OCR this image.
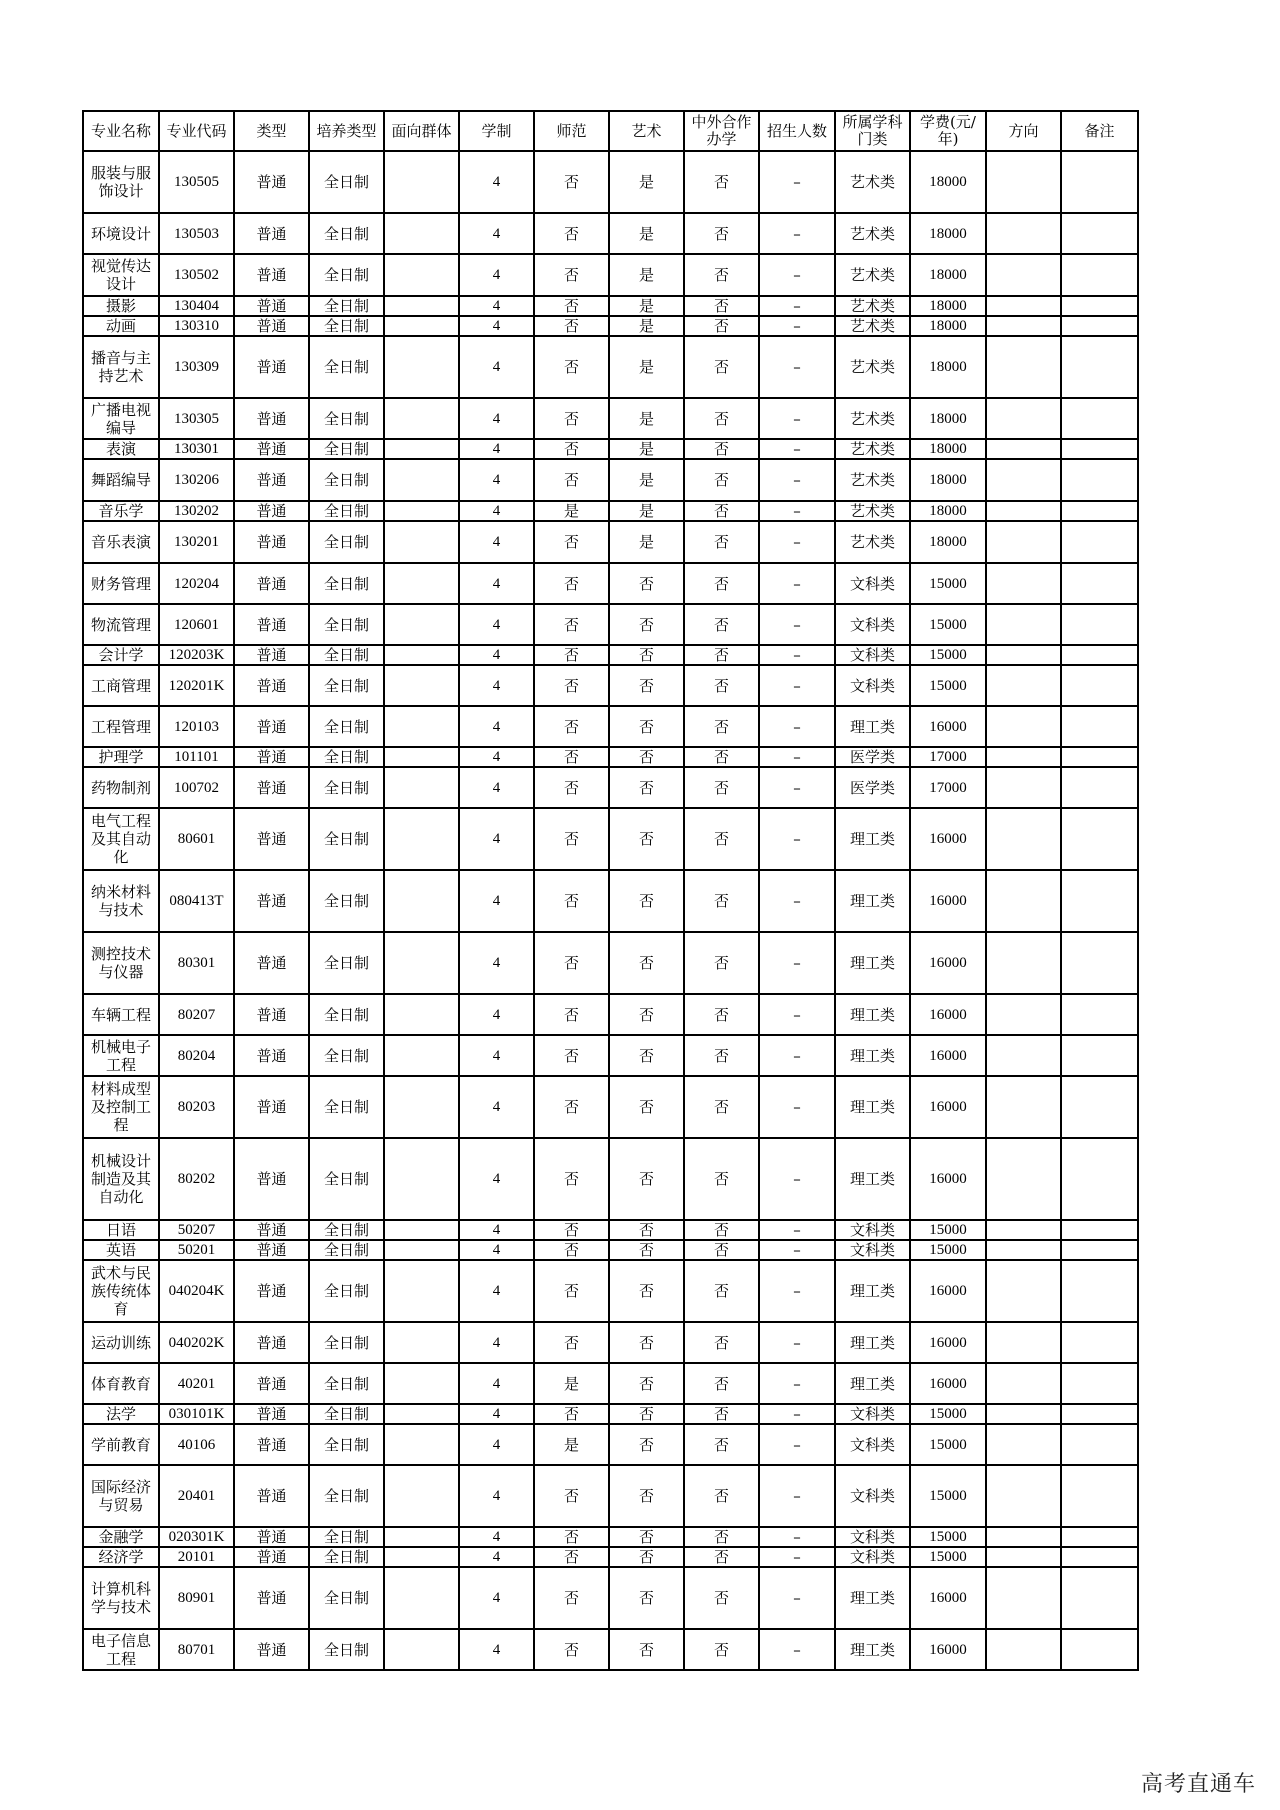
专业名称	专业代码	类型	培养类型	面向群体	学制	师范	艺术	中外合作办学	招生人数	所属学科门类	学费(元/年)	方向	备注

服装与服饰设计	130505	普通	全日制		4	否	是	否	–	艺术类	18000		

环境设计	130503	普通	全日制		4	否	是	否	–	艺术类	18000		

视觉传达设计	130502	普通	全日制		4	否	是	否	–	艺术类	18000		

摄影	130404	普通	全日制		4	否	是	否	–	艺术类	18000		

动画	130310	普通	全日制		4	否	是	否	–	艺术类	18000		

播音与主持艺术	130309	普通	全日制		4	否	是	否	–	艺术类	18000		

广播电视编导	130305	普通	全日制		4	否	是	否	–	艺术类	18000		

表演	130301	普通	全日制		4	否	是	否	–	艺术类	18000		

舞蹈编导	130206	普通	全日制		4	否	是	否	–	艺术类	18000		

音乐学	130202	普通	全日制		4	是	是	否	–	艺术类	18000		

音乐表演	130201	普通	全日制		4	否	是	否	–	艺术类	18000		

财务管理	120204	普通	全日制		4	否	否	否	–	文科类	15000		

物流管理	120601	普通	全日制		4	否	否	否	–	文科类	15000		

会计学	120203K	普通	全日制		4	否	否	否	–	文科类	15000		

工商管理	120201K	普通	全日制		4	否	否	否	–	文科类	15000		

工程管理	120103	普通	全日制		4	否	否	否	–	理工类	16000		

护理学	101101	普通	全日制		4	否	否	否	–	医学类	17000		

药物制剂	100702	普通	全日制		4	否	否	否	–	医学类	17000		

电气工程及其自动化	80601	普通	全日制		4	否	否	否	–	理工类	16000		

纳米材料与技术	080413T	普通	全日制		4	否	否	否	–	理工类	16000		

测控技术与仪器	80301	普通	全日制		4	否	否	否	–	理工类	16000		

车辆工程	80207	普通	全日制		4	否	否	否	–	理工类	16000		

机械电子工程	80204	普通	全日制		4	否	否	否	–	理工类	16000		

材料成型及控制工程	80203	普通	全日制		4	否	否	否	–	理工类	16000		

机械设计制造及其自动化	80202	普通	全日制		4	否	否	否	–	理工类	16000		

日语	50207	普通	全日制		4	否	否	否	–	文科类	15000		

英语	50201	普通	全日制		4	否	否	否	–	文科类	15000		

武术与民族传统体育	040204K	普通	全日制		4	否	否	否	–	理工类	16000		

运动训练	040202K	普通	全日制		4	否	否	否	–	理工类	16000		

体育教育	40201	普通	全日制		4	是	否	否	–	理工类	16000		

法学	030101K	普通	全日制		4	否	否	否	–	文科类	15000		

学前教育	40106	普通	全日制		4	是	否	否	–	文科类	15000		

国际经济与贸易	20401	普通	全日制		4	否	否	否	–	文科类	15000		

金融学	020301K	普通	全日制		4	否	否	否	–	文科类	15000		

经济学	20101	普通	全日制		4	否	否	否	–	文科类	15000		

计算机科学与技术	80901	普通	全日制		4	否	否	否	–	理工类	16000		

电子信息工程	80701	普通	全日制		4	否	否	否	–	理工类	16000		

高考直通车
